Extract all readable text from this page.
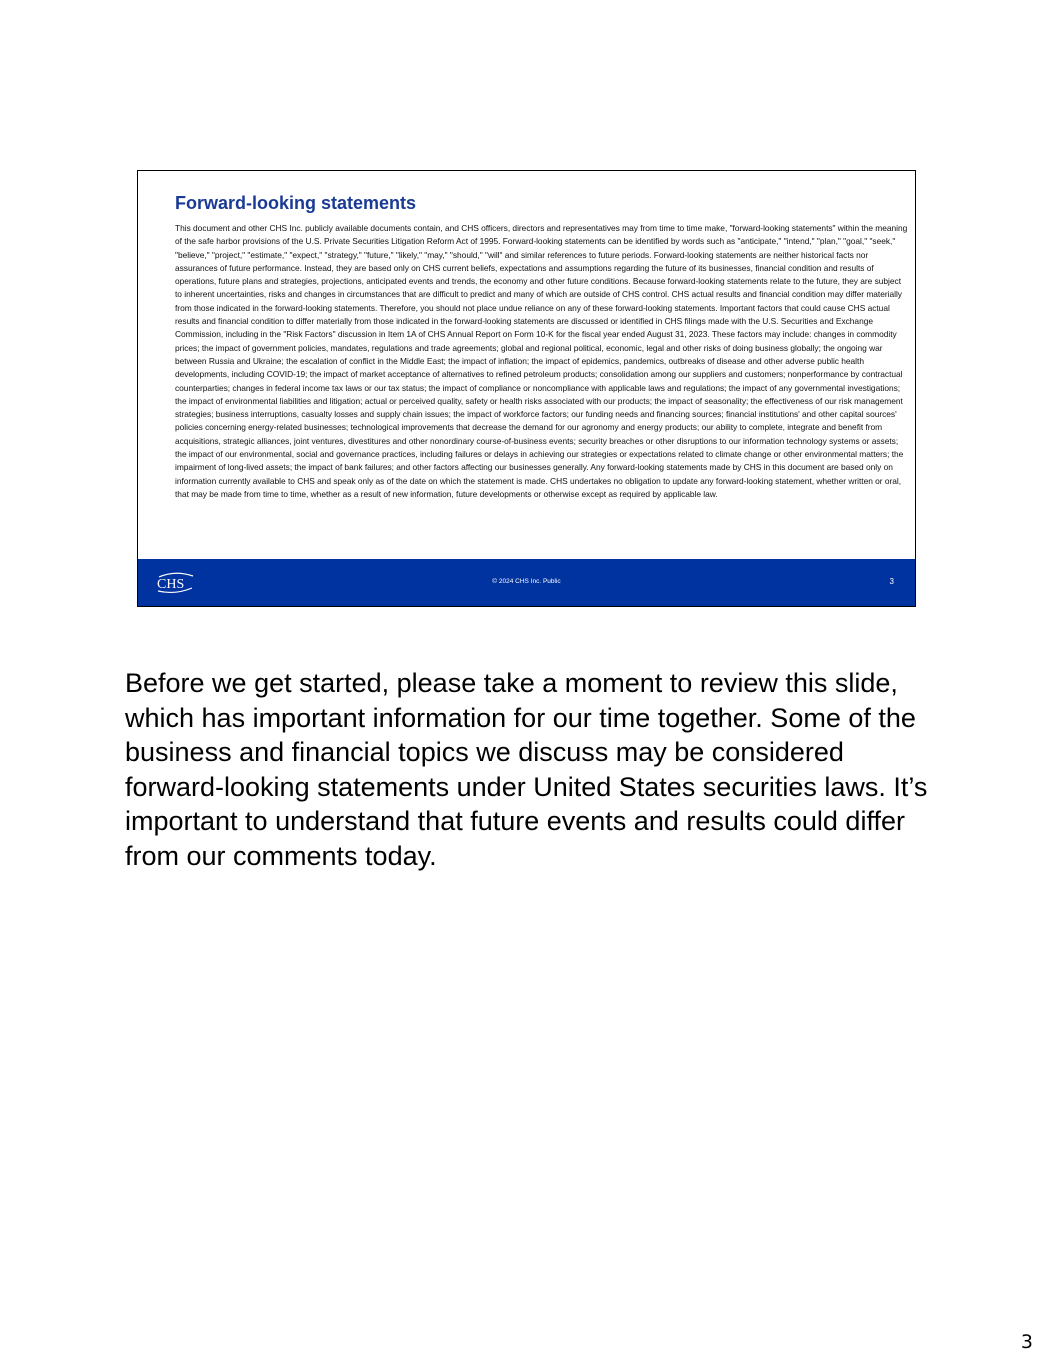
Forward-looking statements

This document and other CHS Inc. publicly available documents contain, and CHS officers, directors and representatives may from time to time make, "forward-looking statements" within the meaning of the safe harbor provisions of the U.S. Private Securities Litigation Reform Act of 1995. Forward-looking statements can be identified by words such as "anticipate," "intend," "plan," "goal," "seek," "believe," "project," "estimate," "expect," "strategy," "future," "likely," "may," "should," "will" and similar references to future periods. Forward-looking statements are neither historical facts nor assurances of future performance. Instead, they are based only on CHS current beliefs, expectations and assumptions regarding the future of its businesses, financial condition and results of operations, future plans and strategies, projections, anticipated events and trends, the economy and other future conditions. Because forward-looking statements relate to the future, they are subject to inherent uncertainties, risks and changes in circumstances that are difficult to predict and many of which are outside of CHS control. CHS actual results and financial condition may differ materially from those indicated in the forward-looking statements. Therefore, you should not place undue reliance on any of these forward-looking statements. Important factors that could cause CHS actual results and financial condition to differ materially from those indicated in the forward-looking statements are discussed or identified in CHS filings made with the U.S. Securities and Exchange Commission, including in the "Risk Factors" discussion in Item 1A of CHS Annual Report on Form 10-K for the fiscal year ended August 31, 2023. These factors may include: changes in commodity prices; the impact of government policies, mandates, regulations and trade agreements; global and regional political, economic, legal and other risks of doing business globally; the ongoing war between Russia and Ukraine; the escalation of conflict in the Middle East; the impact of inflation; the impact of epidemics, pandemics, outbreaks of disease and other adverse public health developments, including COVID-19; the impact of market acceptance of alternatives to refined petroleum products; consolidation among our suppliers and customers; nonperformance by contractual counterparties; changes in federal income tax laws or our tax status; the impact of compliance or noncompliance with applicable laws and regulations; the impact of any governmental investigations; the impact of environmental liabilities and litigation; actual or perceived quality, safety or health risks associated with our products; the impact of seasonality; the effectiveness of our risk management strategies; business interruptions, casualty losses and supply chain issues; the impact of workforce factors; our funding needs and financing sources; financial institutions' and other capital sources' policies concerning energy-related businesses; technological improvements that decrease the demand for our agronomy and energy products; our ability to complete, integrate and benefit from acquisitions, strategic alliances, joint ventures, divestitures and other nonordinary course-of-business events; security breaches or other disruptions to our information technology systems or assets; the impact of our environmental, social and governance practices, including failures or delays in achieving our strategies or expectations related to climate change or other environmental matters; the impairment of long-lived assets; the impact of bank failures; and other factors affecting our businesses generally. Any forward-looking statements made by CHS in this document are based only on information currently available to CHS and speak only as of the date on which the statement is made. CHS undertakes no obligation to update any forward-looking statement, whether written or oral, that may be made from time to time, whether as a result of new information, future developments or otherwise except as required by applicable law.

CHS	© 2024 CHS Inc. Public	3

Before we get started, please take a moment to review this slide, which has important information for our time together. Some of the business and financial topics we discuss may be considered forward-looking statements under United States securities laws. It’s important to understand that future events and results could differ from our comments today.

3
